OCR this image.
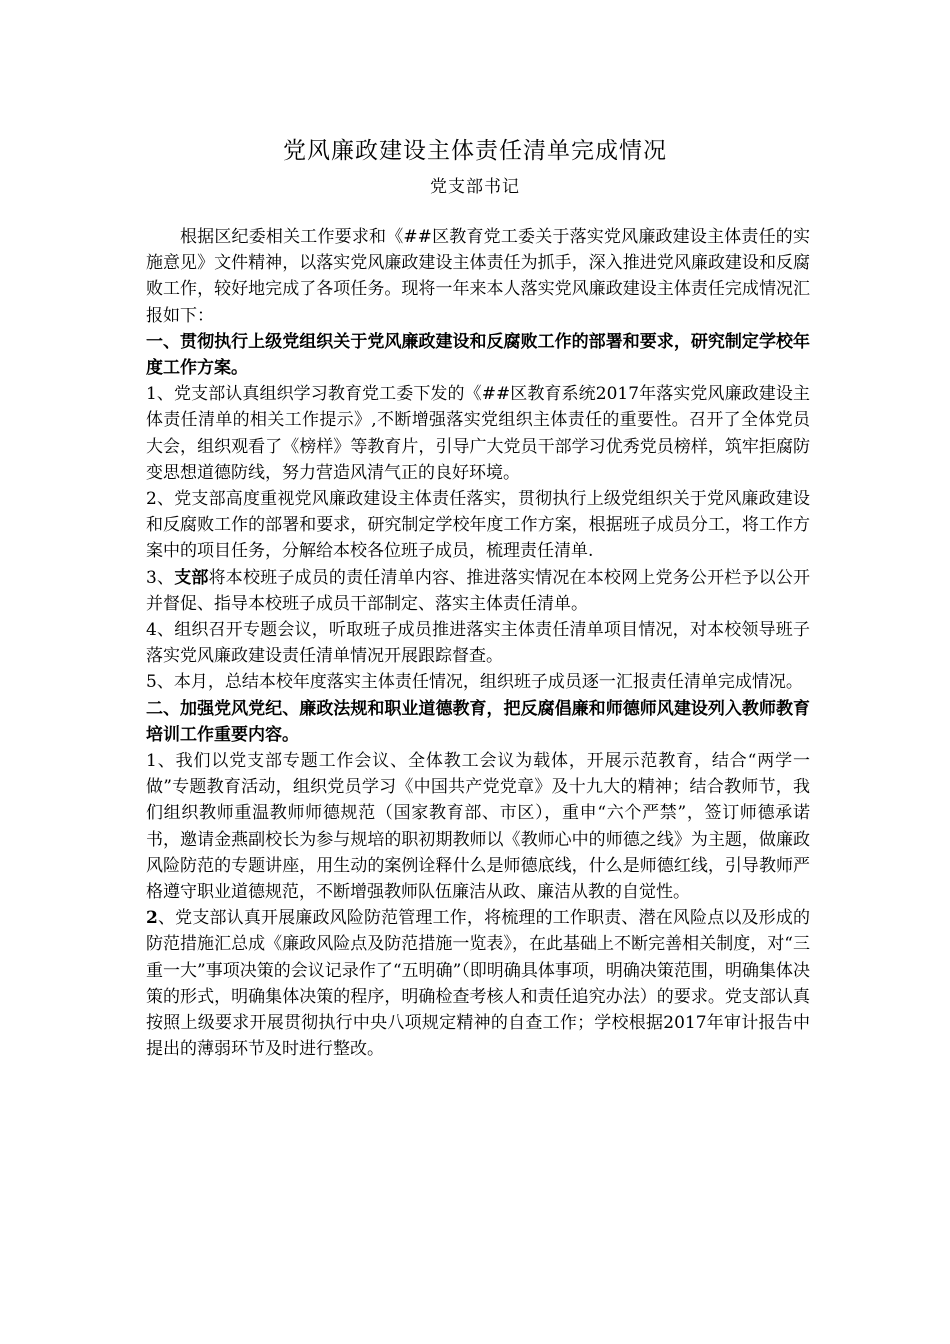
党风廉政建设主体责任清单完成情况
党支部书记

根据区纪委相关工作要求和《##区教育党工委关于落实党风廉政建设主体责任的实施意见》文件精神，以落实党风廉政建设主体责任为抓手，深入推进党风廉政建设和反腐败工作，较好地完成了各项任务。现将一年来本人落实党风廉政建设主体责任完成情况汇报如下：

一、贯彻执行上级党组织关于党风廉政建设和反腐败工作的部署和要求，研究制定学校年度工作方案。

1、党支部认真组织学习教育党工委下发的《##区教育系统2017年落实党风廉政建设主体责任清单的相关工作提示》,不断增强落实党组织主体责任的重要性。召开了全体党员大会，组织观看了《榜样》等教育片，引导广大党员干部学习优秀党员榜样，筑牢拒腐防变思想道德防线，努力营造风清气正的良好环境。

2、党支部高度重视党风廉政建设主体责任落实，贯彻执行上级党组织关于党风廉政建设和反腐败工作的部署和要求，研究制定学校年度工作方案，根据班子成员分工，将工作方案中的项目任务，分解给本校各位班子成员，梳理责任清单.

3、支部将本校班子成员的责任清单内容、推进落实情况在本校网上党务公开栏予以公开并督促、指导本校班子成员干部制定、落实主体责任清单。

4、组织召开专题会议，听取班子成员推进落实主体责任清单项目情况，对本校领导班子落实党风廉政建设责任清单情况开展跟踪督查。

5、本月，总结本校年度落实主体责任情况，组织班子成员逐一汇报责任清单完成情况。

二、加强党风党纪、廉政法规和职业道德教育，把反腐倡廉和师德师风建设列入教师教育培训工作重要内容。

1、我们以党支部专题工作会议、全体教工会议为载体，开展示范教育，结合“两学一做”专题教育活动，组织党员学习《中国共产党党章》及十九大的精神；结合教师节，我们组织教师重温教师师德规范（国家教育部、市区），重申“六个严禁”，签订师德承诺书，邀请金燕副校长为参与规培的职初期教师以《教师心中的师德之线》为主题，做廉政风险防范的专题讲座，用生动的案例诠释什么是师德底线，什么是师德红线，引导教师严格遵守职业道德规范，不断增强教师队伍廉洁从政、廉洁从教的自觉性。

2、党支部认真开展廉政风险防范管理工作，将梳理的工作职责、潜在风险点以及形成的防范措施汇总成《廉政风险点及防范措施一览表》，在此基础上不断完善相关制度，对“三重一大”事项决策的会议记录作了“五明确”（即明确具体事项，明确决策范围，明确集体决策的形式，明确集体决策的程序，明确检查考核人和责任追究办法）的要求。党支部认真按照上级要求开展贯彻执行中央八项规定精神的自查工作；学校根据2017年审计报告中提出的薄弱环节及时进行整改。
